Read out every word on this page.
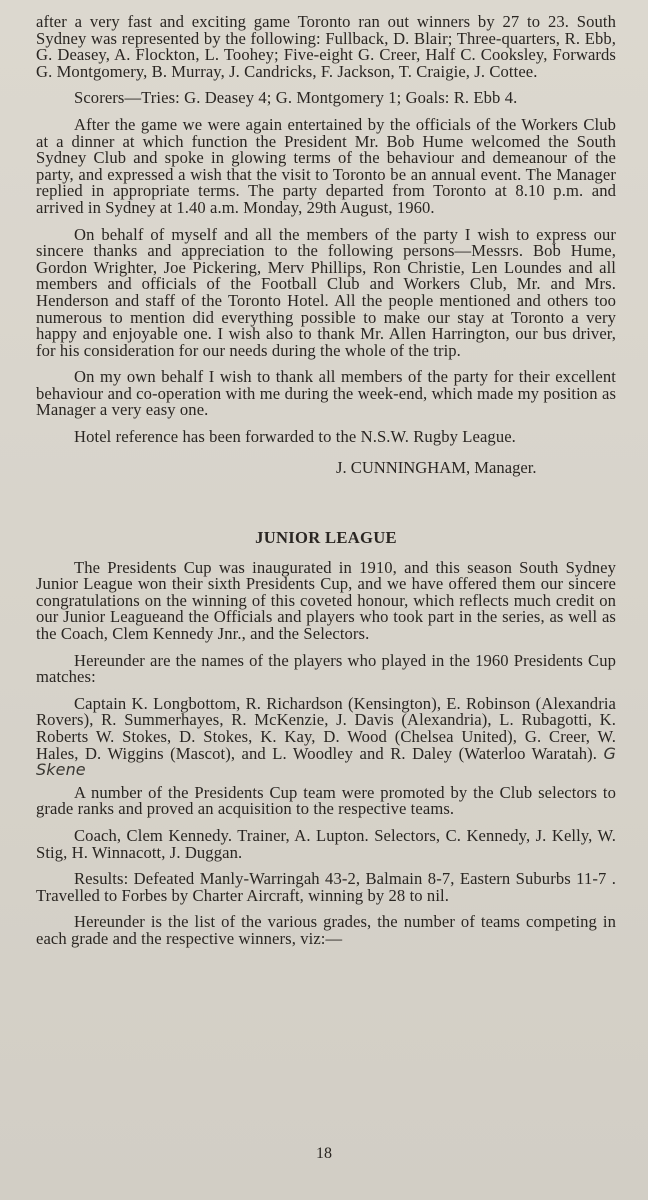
after a very fast and exciting game Toronto ran out winners by 27 to 23. South Sydney was represented by the following: Fullback, D. Blair; Three-quarters, R. Ebb, G. Deasey, A. Flockton, L. Toohey; Five-eight G. Creer, Half C. Cooksley, Forwards G. Montgomery, B. Murray, J. Candricks, F. Jackson, T. Craigie, J. Cottee.

Scorers—Tries: G. Deasey 4; G. Montgomery 1; Goals: R. Ebb 4.

After the game we were again entertained by the officials of the Workers Club at a dinner at which function the President Mr. Bob Hume welcomed the South Sydney Club and spoke in glowing terms of the behaviour and demeanour of the party, and expressed a wish that the visit to Toronto be an annual event. The Manager replied in appropriate terms. The party departed from Toronto at 8.10 p.m. and arrived in Sydney at 1.40 a.m. Monday, 29th August, 1960.

On behalf of myself and all the members of the party I wish to express our sincere thanks and appreciation to the following persons—Messrs. Bob Hume, Gordon Wrighter, Joe Pickering, Merv Phillips, Ron Christie, Len Loundes and all members and officials of the Football Club and Workers Club, Mr. and Mrs. Henderson and staff of the Toronto Hotel. All the people mentioned and others too numerous to mention did everything possible to make our stay at Toronto a very happy and enjoyable one. I wish also to thank Mr. Allen Harrington, our bus driver, for his consideration for our needs during the whole of the trip.

On my own behalf I wish to thank all members of the party for their excellent behaviour and co-operation with me during the week-end, which made my position as Manager a very easy one.

Hotel reference has been forwarded to the N.S.W. Rugby League.

J. CUNNINGHAM, Manager.
JUNIOR LEAGUE

The Presidents Cup was inaugurated in 1910, and this season South Sydney Junior League won their sixth Presidents Cup, and we have offered them our sincere congratulations on the winning of this coveted honour, which reflects much credit on our Junior Leagueand the Officials and players who took part in the series, as well as the Coach, Clem Kennedy Jnr., and the Selectors.

Hereunder are the names of the players who played in the 1960 Presidents Cup matches:

Captain K. Longbottom, R. Richardson (Kensington), E. Robinson (Alexandria Rovers), R. Summerhayes, R. McKenzie, J. Davis (Alexandria), L. Rubagotti, K. Roberts W. Stokes, D. Stokes, K. Kay, D. Wood (Chelsea United), G. Creer, W. Hales, D. Wiggins (Mascot), and L. Woodley and R. Daley (Waterloo Waratah). G Skene

A number of the Presidents Cup team were promoted by the Club selectors to grade ranks and proved an acquisition to the respective teams.

Coach, Clem Kennedy. Trainer, A. Lupton. Selectors, C. Kennedy, J. Kelly, W. Stig, H. Winnacott, J. Duggan.

Results: Defeated Manly-Warringah 43-2, Balmain 8-7, Eastern Suburbs 11-7 . Travelled to Forbes by Charter Aircraft, winning by 28 to nil.

Hereunder is the list of the various grades, the number of teams competing in each grade and the respective winners, viz:—

18
